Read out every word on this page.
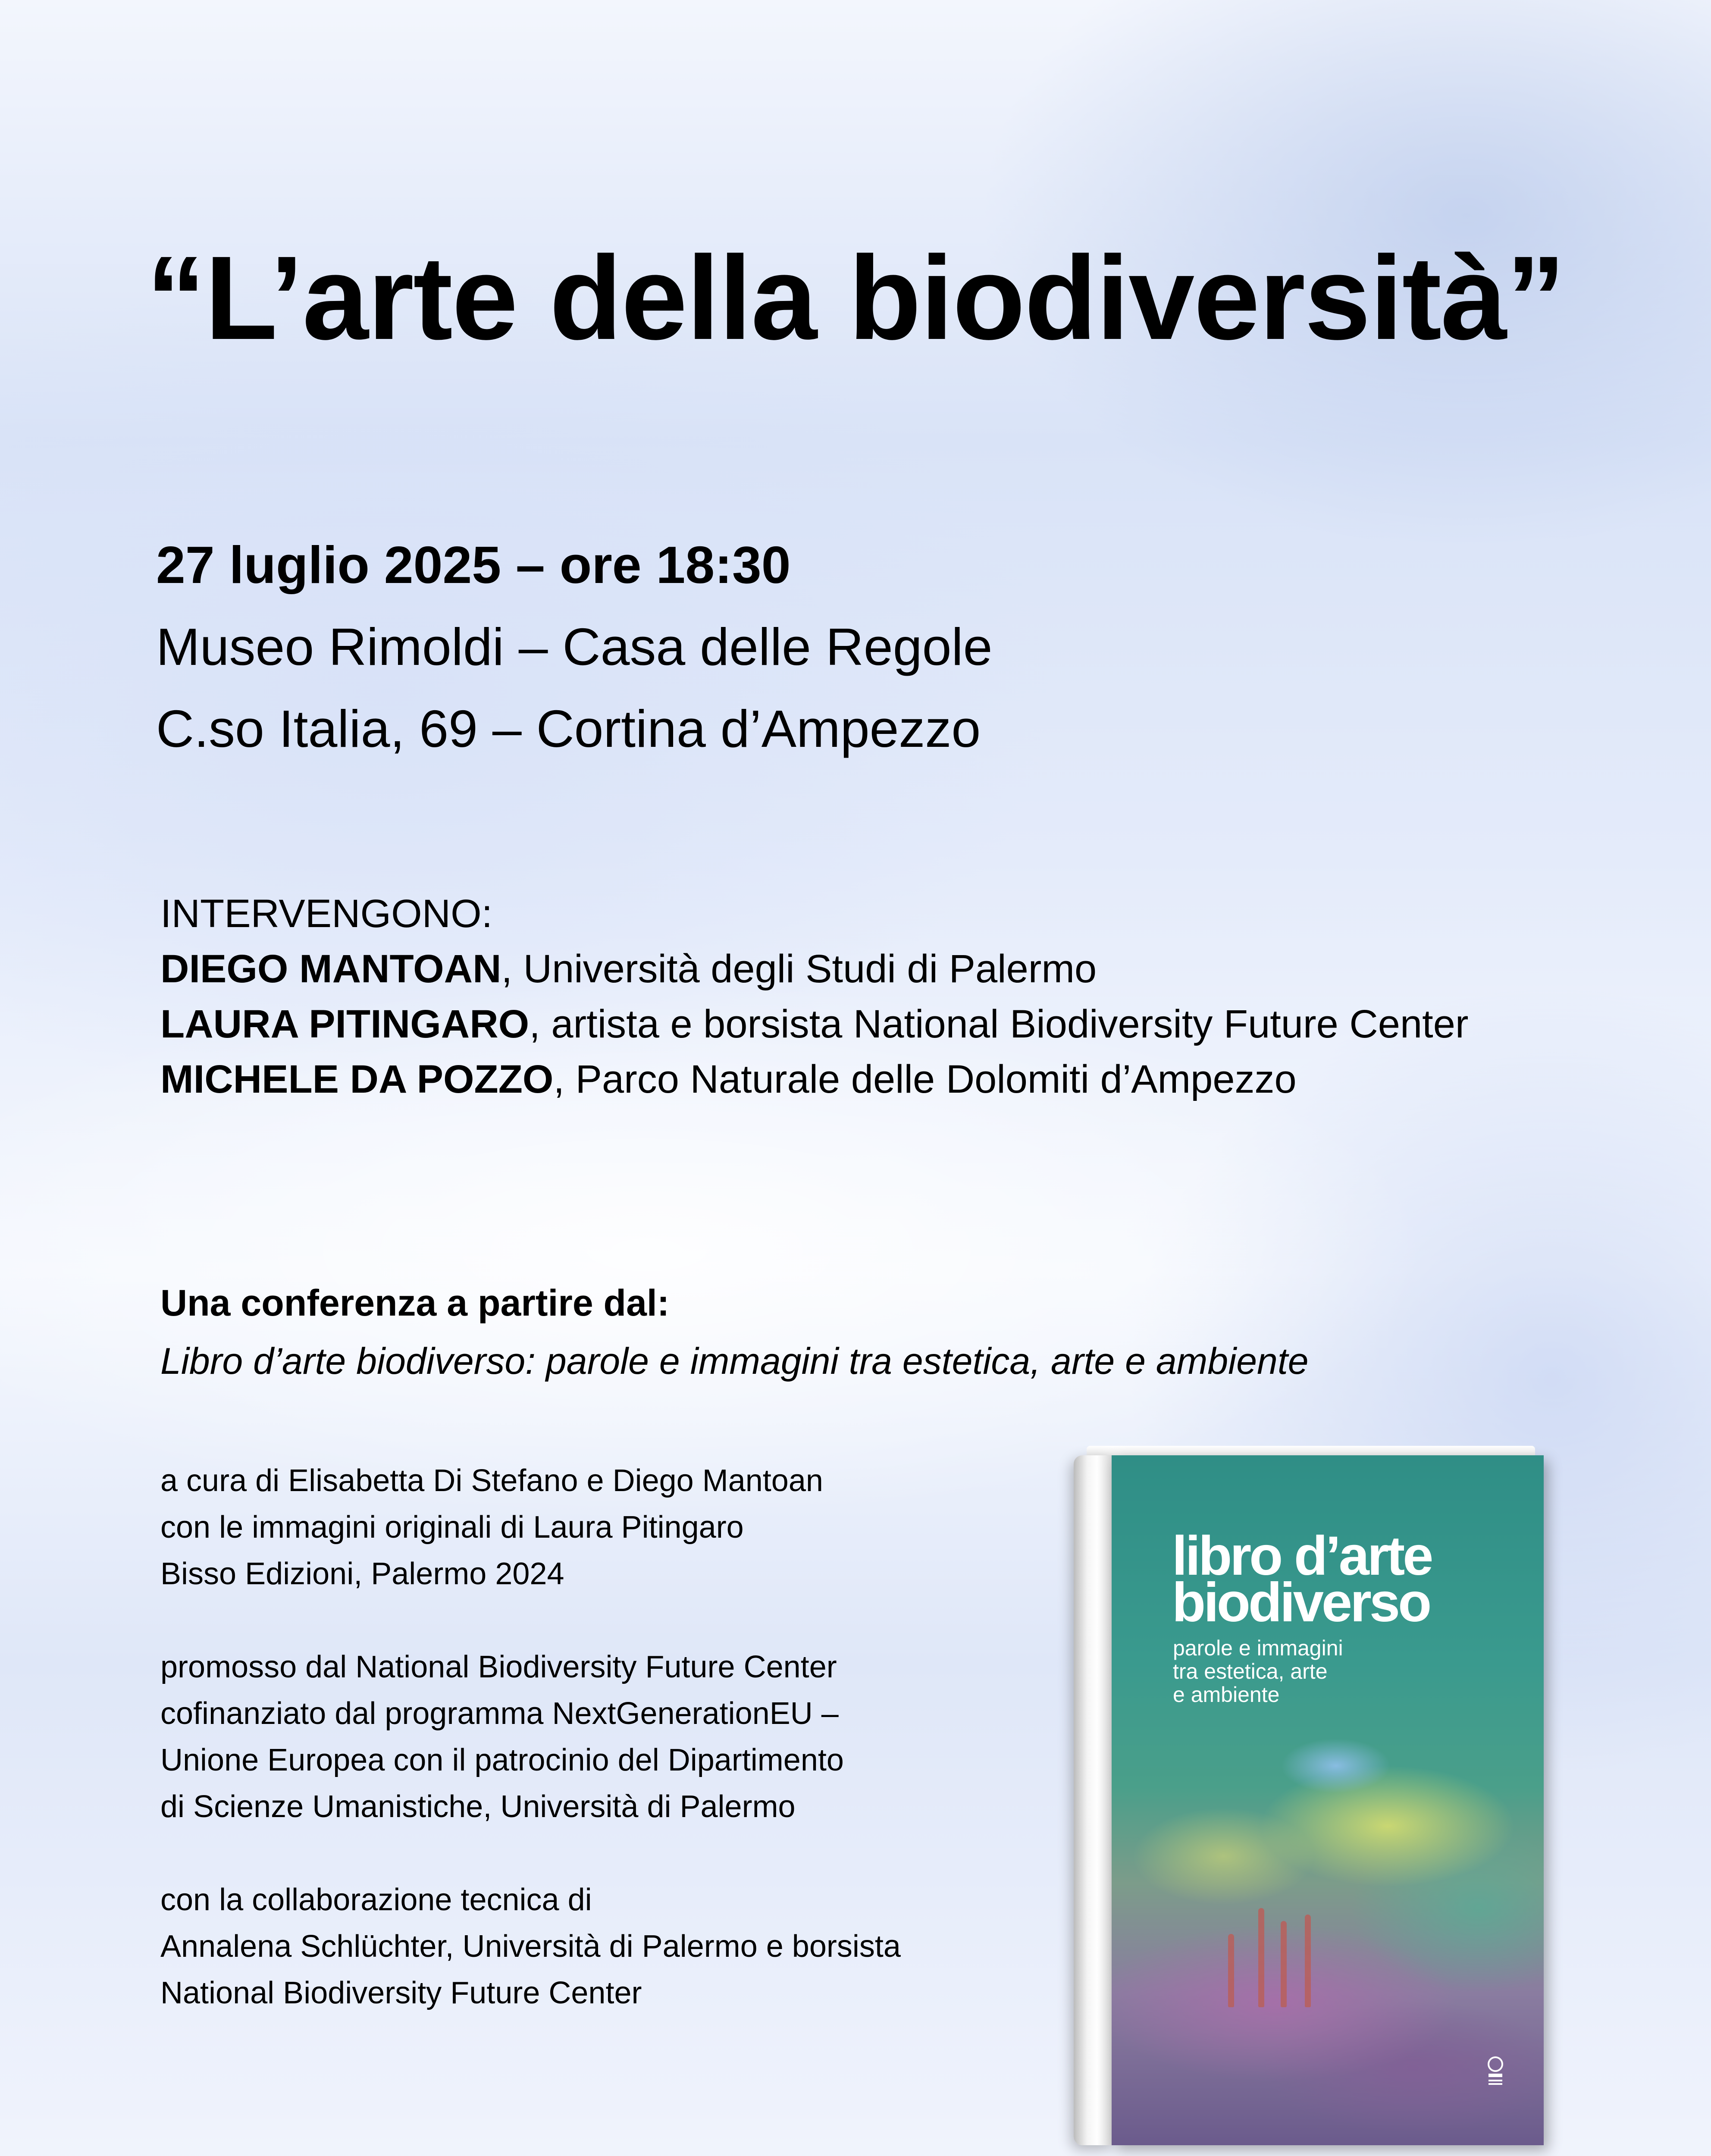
“L’arte della biodiversità”
27 luglio 2025 – ore 18:30
Museo Rimoldi – Casa delle Regole
C.so Italia, 69 – Cortina d’Ampezzo
INTERVENGONO:
DIEGO MANTOAN, Università degli Studi di Palermo
LAURA PITINGARO, artista e borsista National Biodiversity Future Center
MICHELE DA POZZO, Parco Naturale delle Dolomiti d’Ampezzo
Una conferenza a partire dal:
Libro d’arte biodiverso: parole e immagini tra estetica, arte e ambiente
a cura di Elisabetta Di Stefano e Diego Mantoan
con le immagini originali di Laura Pitingaro
Bisso Edizioni, Palermo 2024
promosso dal National Biodiversity Future Center
cofinanziato dal programma NextGenerationEU –
Unione Europea con il patrocinio del Dipartimento
di Scienze Umanistiche, Università di Palermo
con la collaborazione tecnica di
Annalena Schlüchter, Università di Palermo e borsista
National Biodiversity Future Center
libro d’arte
biodiverso
parole e immagini
tra estetica, arte
e ambiente
